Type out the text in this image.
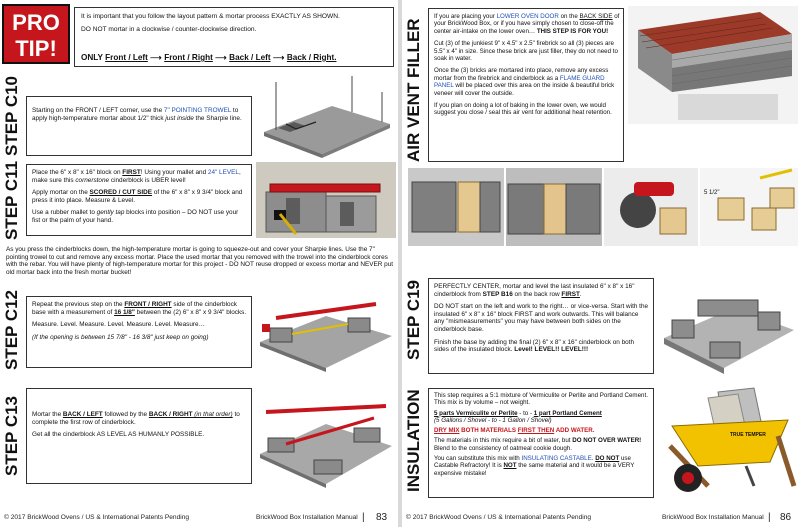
PRO
TIP!

It is important that you follow the layout pattern & mortar process EXACTLY AS SHOWN.

DO NOT mortar in a clockwise / counter-clockwise direction.

ONLY Front / Left ⟶ Front / Right ⟶ Back / Left ⟶ Back / Right.
STEP C10	Starting on the FRONT / LEFT corner, use the 7" POINTING TROWEL to apply high-temperature mortar about 1/2" thick just inside the Sharpie line.
STEP C11	Place the 6" x 8" x 16" block on FIRST! Using your mallet and 24" LEVEL, make sure this cornerstone cinderblock is UBER level!

Apply mortar on the SCORED / CUT SIDE of the 6" x 8" x 9 3/4" block and press it into place. Measure & Level.

Use a rubber mallet to gently tap blocks into position – DO NOT use your fist or the palm of your hand.

As you press the cinderblocks down, the high-temperature mortar is going to squeeze-out and cover your Sharpie lines. Use the 7" pointing trowel to cut and remove any excess mortar. Place the used mortar that you removed with the trowel into the cinderblock cores with the rebar. You will have plenty of high-temperature mortar for this project - DO NOT reuse dropped or excess mortar and NEVER put old mortar back into the fresh mortar bucket!
STEP C12	Repeat the previous step on the FRONT / RIGHT side of the cinderblock base with a measurement of 16 1/8" between the (2) 6" x 8" x 9 3/4" blocks.

Measure. Level. Measure. Level. Measure. Level. Measure…

(If the opening is between 15 7/8" - 16 3/8" just keep on going)

STEP C13	Mortar the BACK / LEFT followed by the BACK / RIGHT (in that order) to complete the first row of cinderblock.

Get all the cinderblock AS LEVEL AS HUMANLY POSSIBLE.

© 2017 BrickWood Ovens / US & International Patents Pending	BrickWood Box Installation Manual | 83
AIR VENT FILLER

If you are placing your LOWER OVEN DOOR on the BACK SIDE of your BrickWood Box, or if you have simply chosen to close-off the center air-intake on the lower oven… THIS STEP IS FOR YOU!

Cut (3) of the junkiest 9" x 4.5" x 2.5" firebrick so all (3) pieces are 5.5" x 4" in size. Since these brick are just filler, they do not need to soak in water.

Once the (3) bricks are mortared into place, remove any excess mortar from the firebrick and cinderblock as a FLAME GUARD PANEL will be placed over this area on the inside & beautiful brick veneer will cover the outside.

If you plan on doing a lot of baking in the lower oven, we would suggest you close / seal this air vent for additional heat retention.

5 1/2"
STEP C19	PERFECTLY CENTER, mortar and level the last insulated 6" x 8" x 16" cinderblock from STEP B16 on the back row FIRST.

DO NOT start on the left and work to the right… or vice-versa. Start with the insulated 6" x 8" x 16" block FIRST and work outwards. This will balance any "mismeasurements" you may have between both sides on the cinderblock base.

Finish the base by adding the final (2) 6" x 8" x 16" cinderblock on both sides of the insulated block. Level! LEVEL!! LEVEL!!!

INSULATION	This step requires a 5:1 mixture of Vermiculite or Perlite and Portland Cement. This mix is by volume – not weight.

5 parts Vermiculite or Perlite - to - 1 part Portland Cement
(5 Gallons / Shovel - to - 1 Gallon / Shovel)

DRY MIX BOTH MATERIALS FIRST THEN ADD WATER.

The materials in this mix require a bit of water, but DO NOT OVER WATER! Blend to the consistency of oatmeal cookie dough.

You can substitute this mix with INSULATING CASTABLE. DO NOT use Castable Refractory! It is NOT the same material and it would be a VERY expensive mistake!

TRUE TEMPER
© 2017 BrickWood Ovens / US & International Patents Pending	BrickWood Box Installation Manual | 86
